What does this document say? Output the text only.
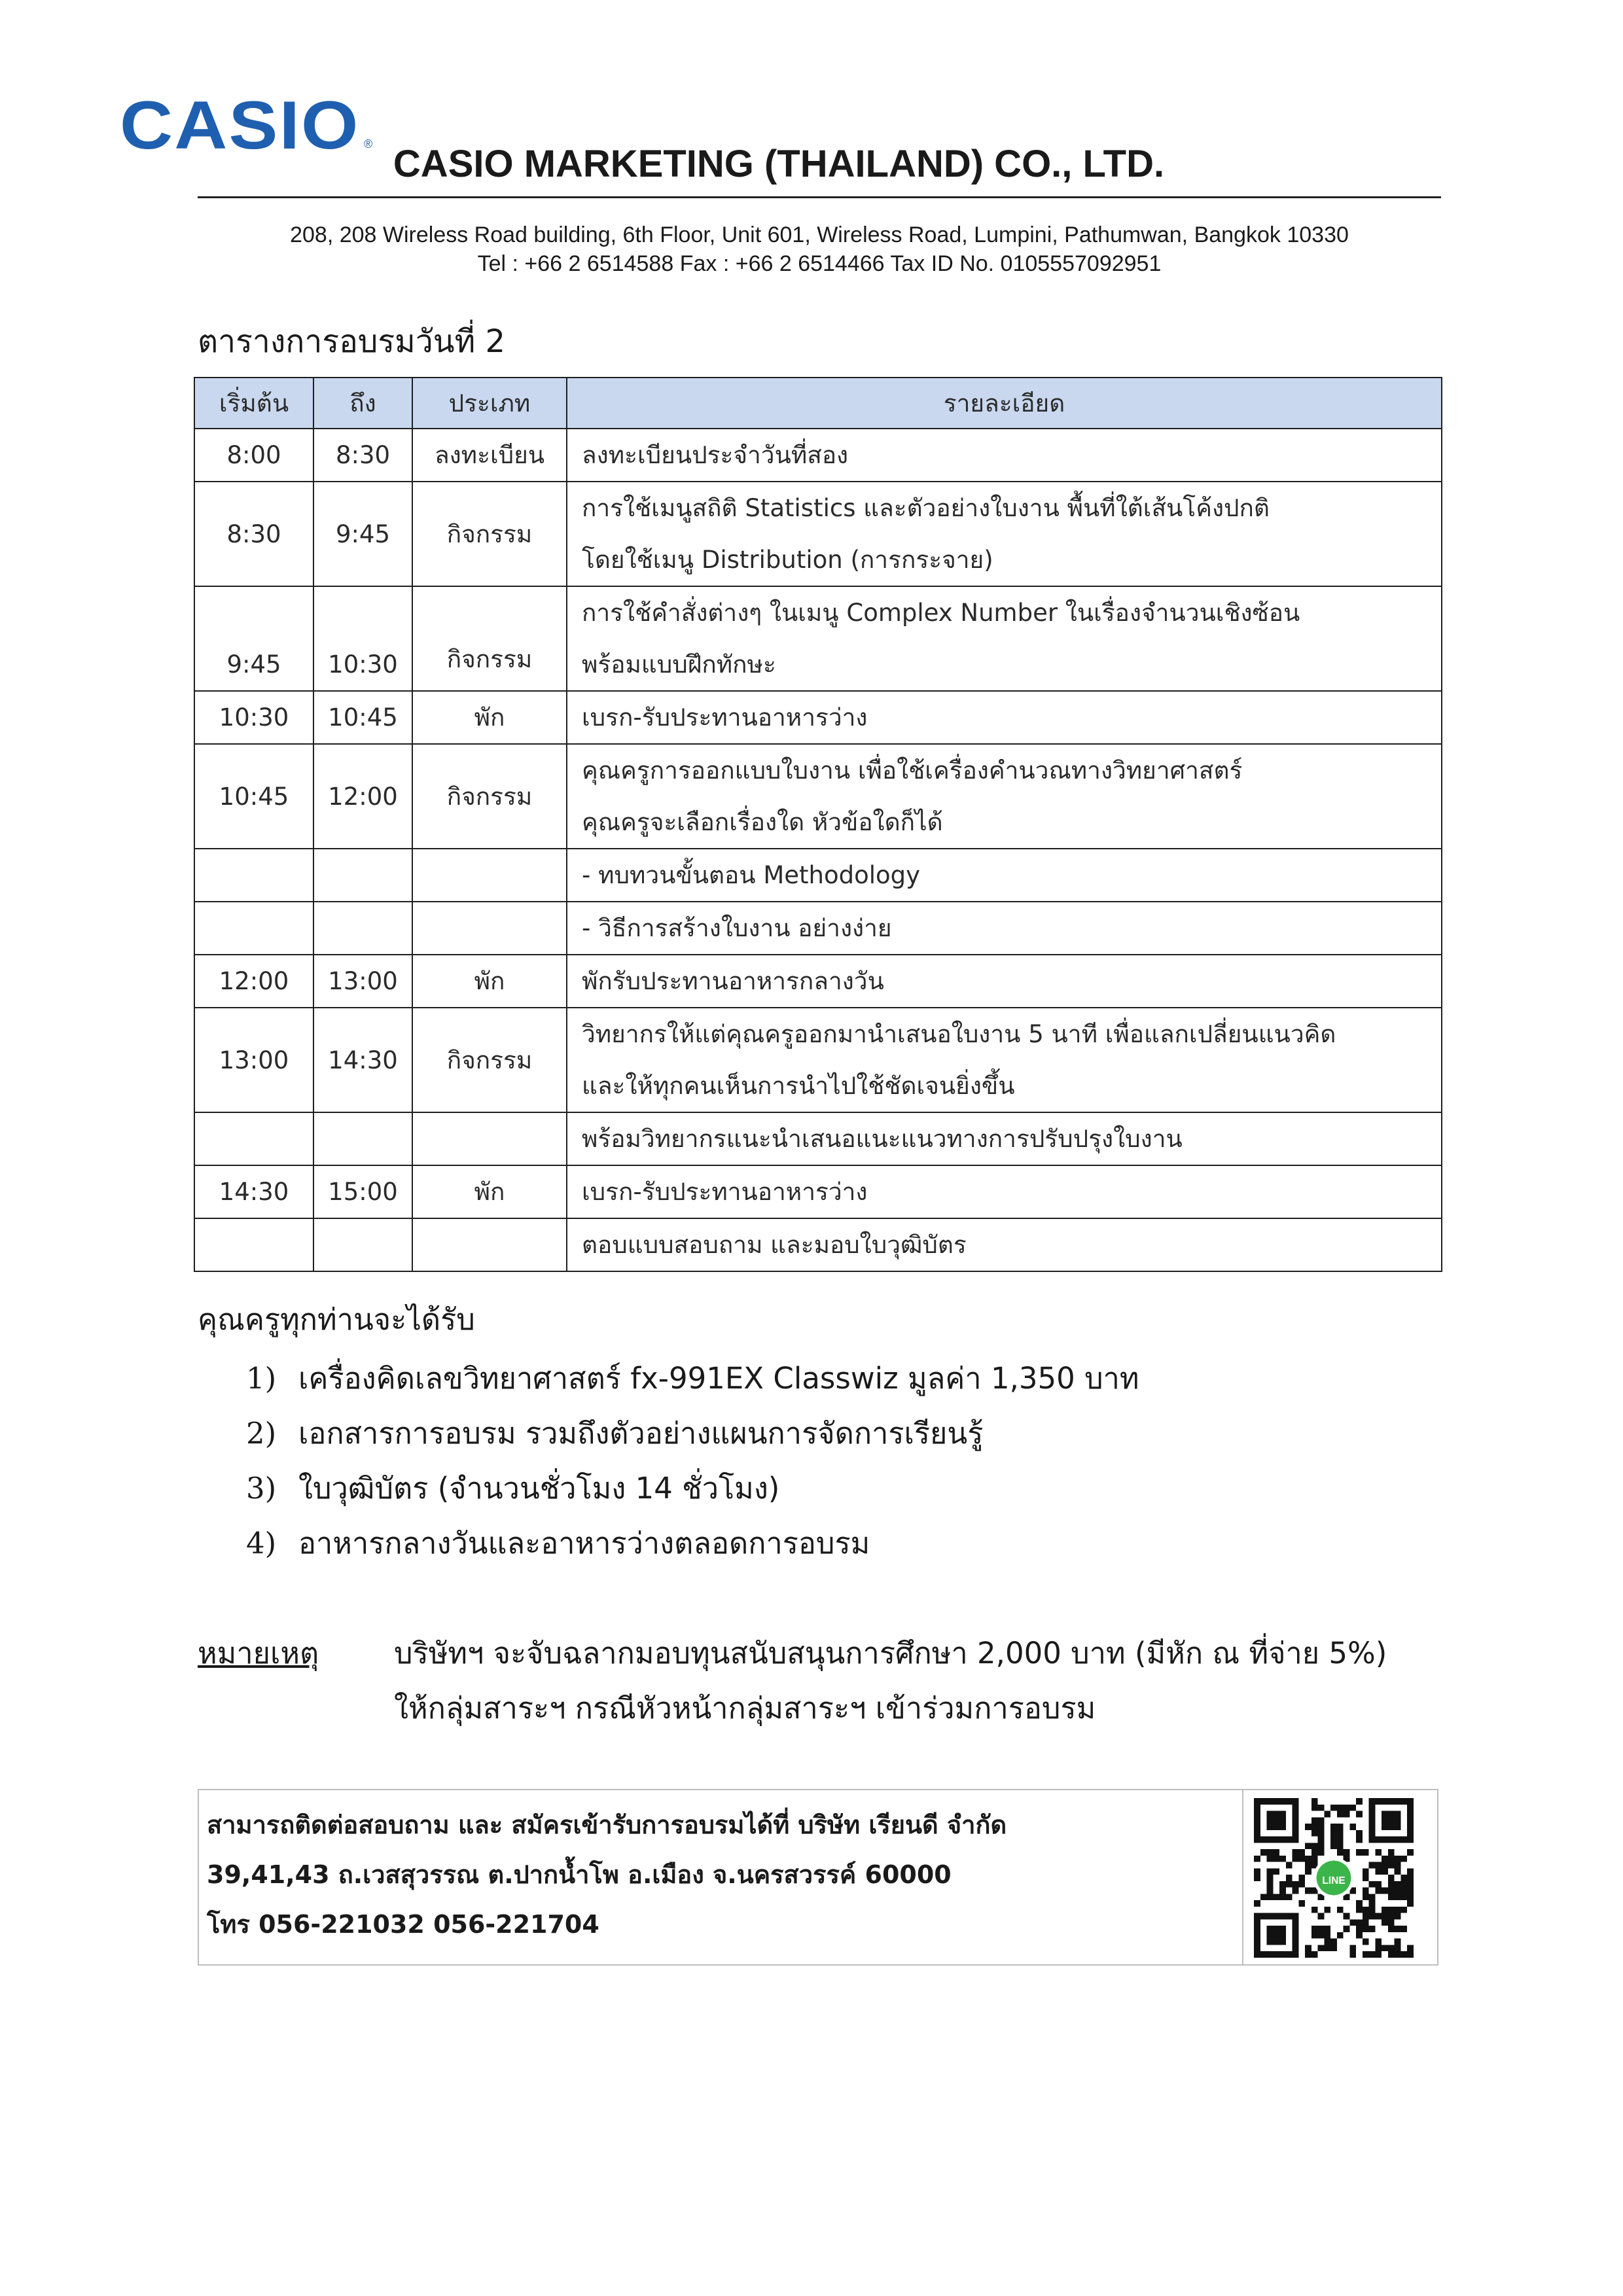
CASIO ® CASIO MARKETING (THAILAND) CO., LTD.
208, 208 Wireless Road building, 6th Floor, Unit 601, Wireless Road, Lumpini, Pathumwan, Bangkok 10330
Tel : +66 2 6514588 Fax : +66 2 6514466 Tax ID No. 0105557092951
ตารางการอบรมวันที่ 2
เริ่มต้น	ถึง	ประเภท	รายละเอียด
8:00	8:30	ลงทะเบียน	ลงทะเบียนประจำวันที่สอง

8:30	9:45	กิจกรรม	การใช้เมนูสถิติ Statistics และตัวอย่างใบงาน พื้นที่ใต้เส้นโค้งปกติ
โดยใช้เมนู Distribution (การกระจาย)

9:45	10:30	กิจกรรม	การใช้คำสั่งต่างๆ ในเมนู Complex Number ในเรื่องจำนวนเชิงซ้อน
พร้อมแบบฝึกทักษะ

10:30	10:45	พัก	เบรก-รับประทานอาหารว่าง

10:45	12:00	กิจกรรม	คุณครูการออกแบบใบงาน เพื่อใช้เครื่องคำนวณทางวิทยาศาสตร์
คุณครูจะเลือกเรื่องใด หัวข้อใดก็ได้

			- ทบทวนขั้นตอน Methodology

			- วิธีการสร้างใบงาน อย่างง่าย

12:00	13:00	พัก	พักรับประทานอาหารกลางวัน

13:00	14:30	กิจกรรม	วิทยากรให้แต่คุณครูออกมานำเสนอใบงาน 5 นาที เพื่อแลกเปลี่ยนแนวคิด
และให้ทุกคนเห็นการนำไปใช้ชัดเจนยิ่งขึ้น

			พร้อมวิทยากรแนะนำเสนอแนะแนวทางการปรับปรุงใบงาน

14:30	15:00	พัก	เบรก-รับประทานอาหารว่าง

			ตอบแบบสอบถาม และมอบใบวุฒิบัตร
คุณครูทุกท่านจะได้รับ
1) เครื่องคิดเลขวิทยาศาสตร์ fx-991EX Classwiz มูลค่า 1,350 บาท
2) เอกสารการอบรม รวมถึงตัวอย่างแผนการจัดการเรียนรู้
3) ใบวุฒิบัตร (จำนวนชั่วโมง 14 ชั่วโมง)
4) อาหารกลางวันและอาหารว่างตลอดการอบรม
หมายเหตุ	บริษัทฯ จะจับฉลากมอบทุนสนับสนุนการศึกษา 2,000 บาท (มีหัก ณ ที่จ่าย 5%)
ให้กลุ่มสาระฯ กรณีหัวหน้ากลุ่มสาระฯ เข้าร่วมการอบรม
สามารถติดต่อสอบถาม และ สมัครเข้ารับการอบรมได้ที่ บริษัท เรียนดี จำกัด
39,41,43 ถ.เวสสุวรรณ ต.ปากน้ำโพ อ.เมือง จ.นครสวรรค์ 60000
โทร 056-221032 056-221704
LINE
